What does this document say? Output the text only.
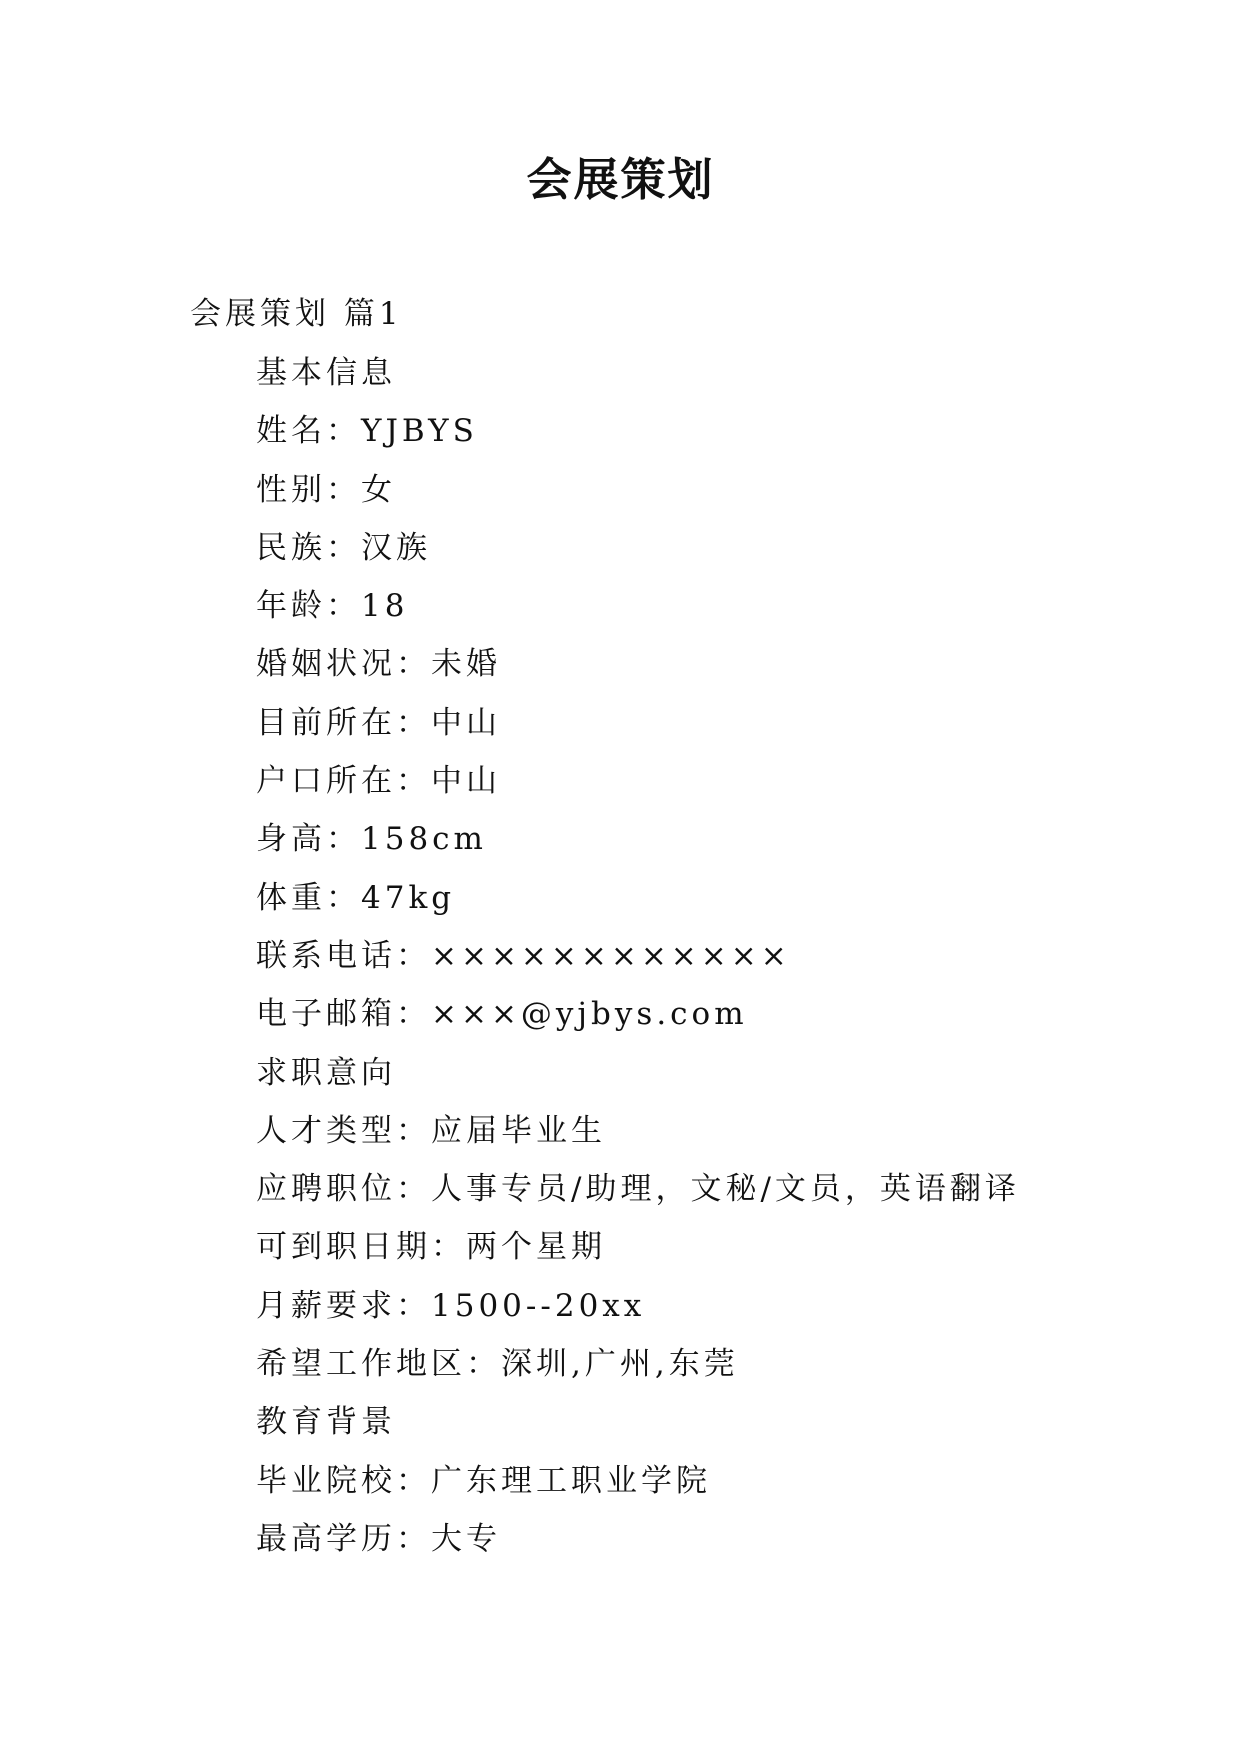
会展策划
会展策划 篇1
基本信息
姓名：YJBYS
性别：女
民族：汉族
年龄：18
婚姻状况：未婚
目前所在：中山
户口所在：中山
身高：158cm
体重：47kg
联系电话：××××××××××××
电子邮箱：×××@yjbys.com
求职意向
人才类型：应届毕业生
应聘职位：人事专员/助理，文秘/文员，英语翻译
可到职日期：两个星期
月薪要求：1500--20xx
希望工作地区：深圳,广州,东莞
教育背景
毕业院校：广东理工职业学院
最高学历：大专
